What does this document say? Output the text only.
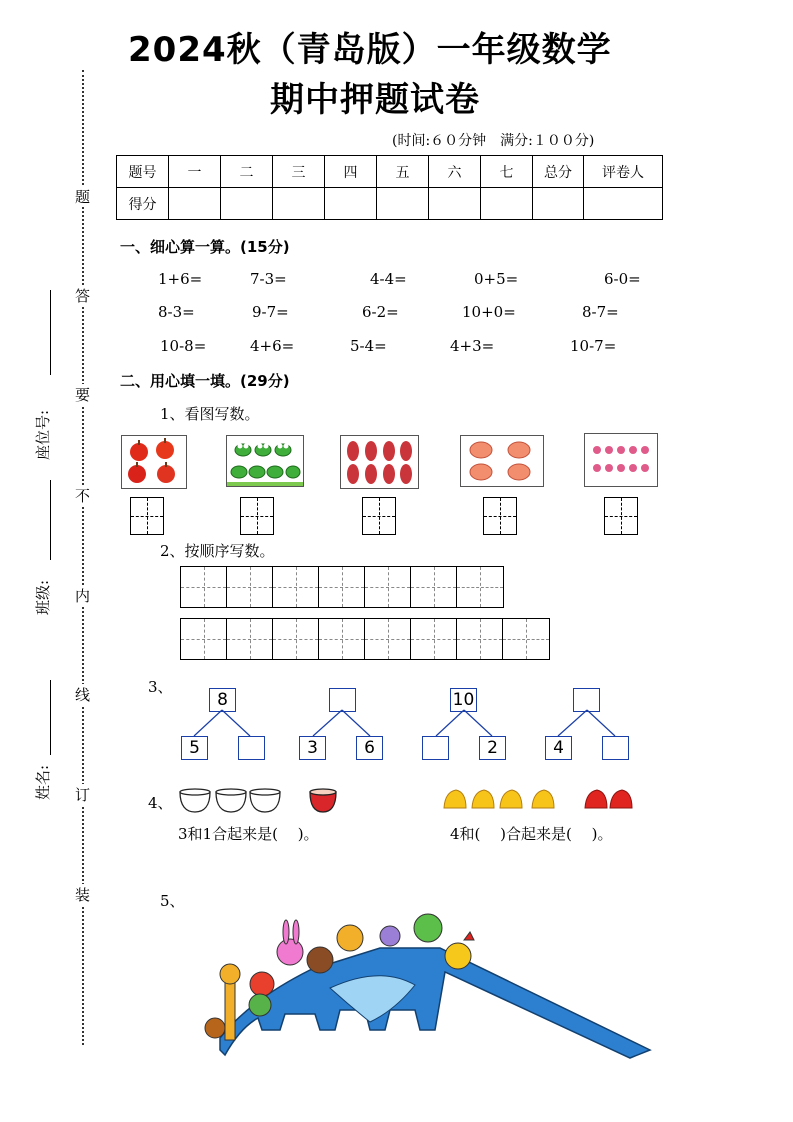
2024秋（青岛版）一年级数学
期中押题试卷
(时间:６０分钟　满分:１００分)
题号	一	二	三	四	五	六	七	总分	评卷人
得分									
题
答
要
不
内
线
订
装
姓名:
班级:
座位号:
一、细心算一算。(15分)
1+6=	7-3=	4-4=	0+5=	6-0=
8-3=	9-7=	6-2=	10+0=	8-7=
10-8=	4+6=	5-4=	4+3=	10-7=
二、用心填一填。(29分)
1、看图写数。
2、按顺序写数。
3、
8
5	3	6
10
2	4
4、
3和1合起来是(　 )。	4和(　 )合起来是(　 )。
5、
